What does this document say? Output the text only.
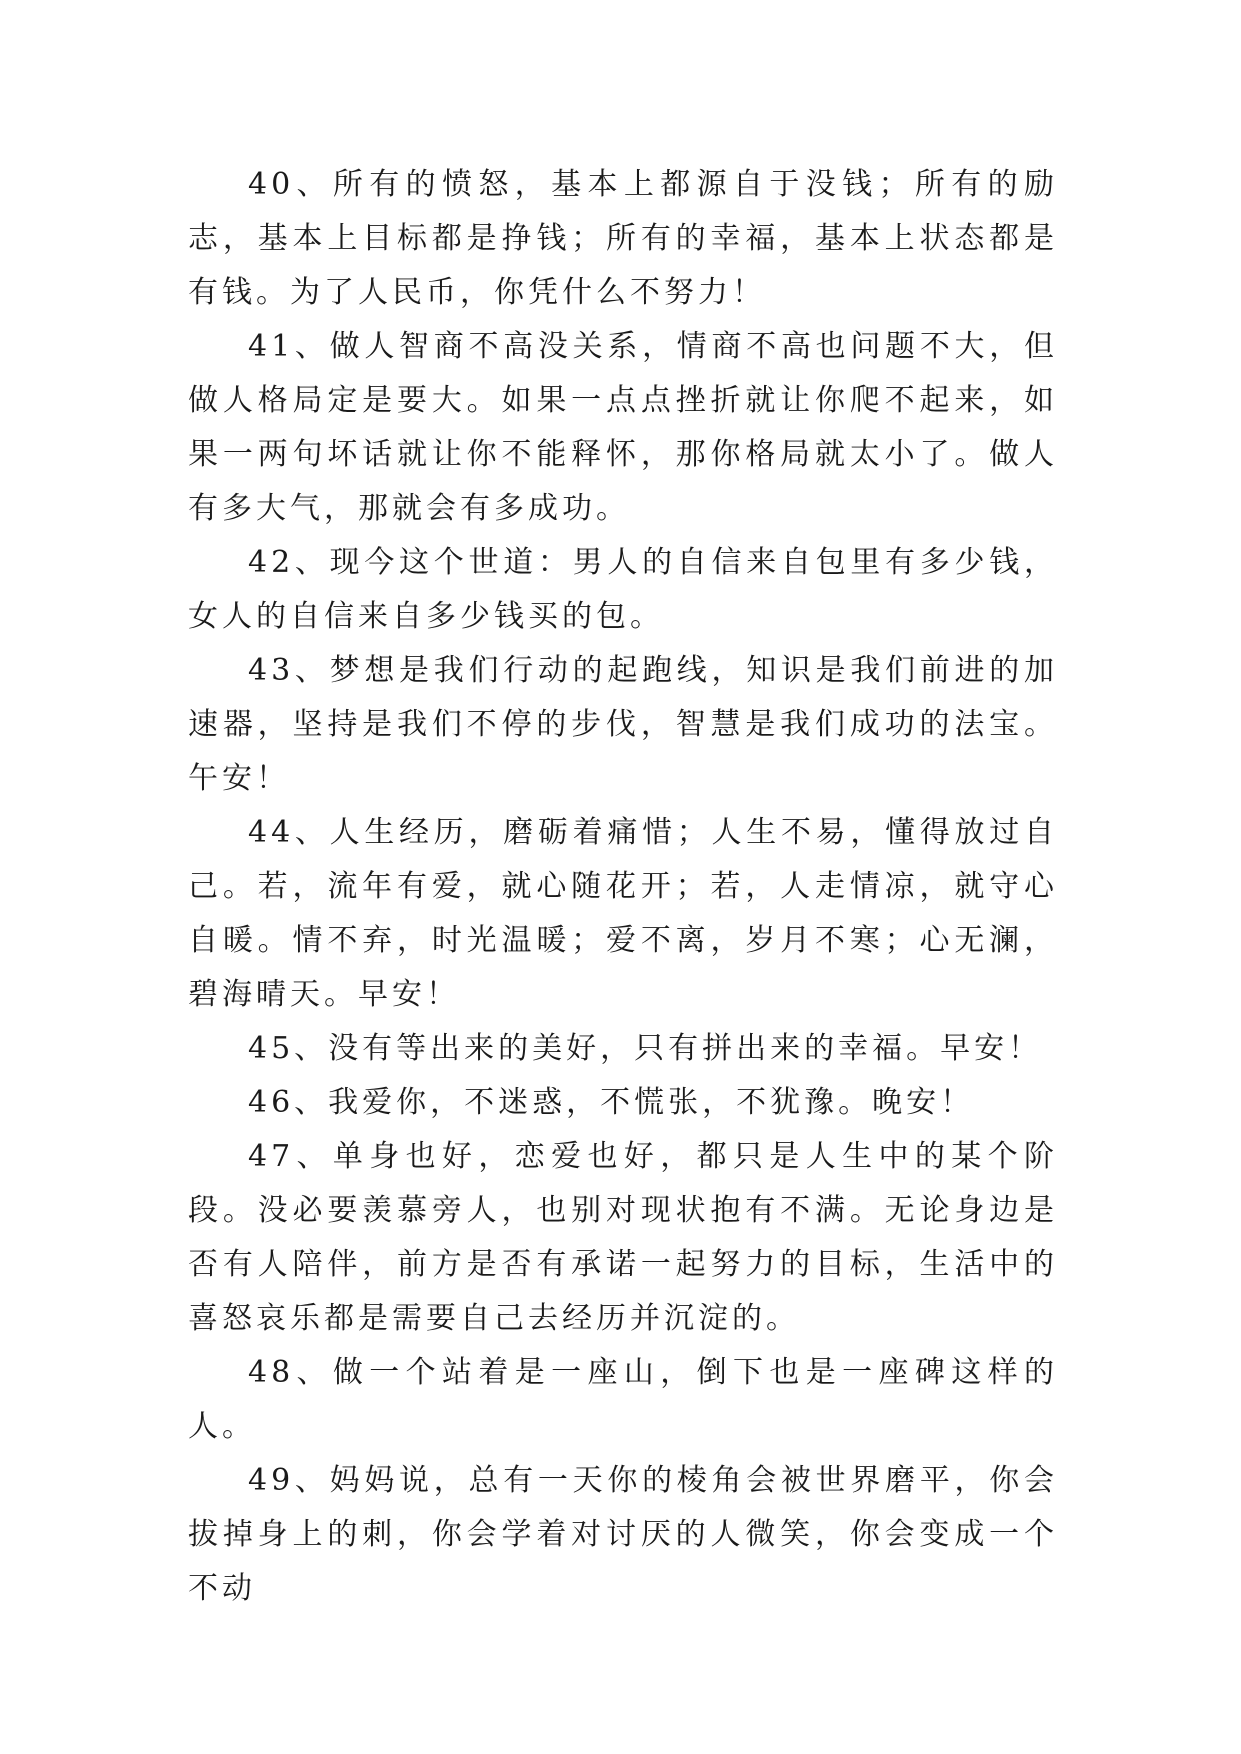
40、所有的愤怒，基本上都源自于没钱；所有的励志，基本上目标都是挣钱；所有的幸福，基本上状态都是有钱。为了人民币，你凭什么不努力！

41、做人智商不高没关系，情商不高也问题不大，但做人格局定是要大。如果一点点挫折就让你爬不起来，如果一两句坏话就让你不能释怀，那你格局就太小了。做人有多大气，那就会有多成功。

42、现今这个世道：男人的自信来自包里有多少钱，女人的自信来自多少钱买的包。

43、梦想是我们行动的起跑线，知识是我们前进的加速器，坚持是我们不停的步伐，智慧是我们成功的法宝。午安！

44、人生经历，磨砺着痛惜；人生不易，懂得放过自己。若，流年有爱，就心随花开；若，人走情凉，就守心自暖。情不弃，时光温暖；爱不离，岁月不寒；心无澜，碧海晴天。早安！

45、没有等出来的美好，只有拼出来的幸福。早安！

46、我爱你，不迷惑，不慌张，不犹豫。晚安！

47、单身也好，恋爱也好，都只是人生中的某个阶段。没必要羡慕旁人，也别对现状抱有不满。无论身边是否有人陪伴，前方是否有承诺一起努力的目标，生活中的喜怒哀乐都是需要自己去经历并沉淀的。

48、做一个站着是一座山，倒下也是一座碑这样的人。

49、妈妈说，总有一天你的棱角会被世界磨平，你会拔掉身上的刺，你会学着对讨厌的人微笑，你会变成一个不动
